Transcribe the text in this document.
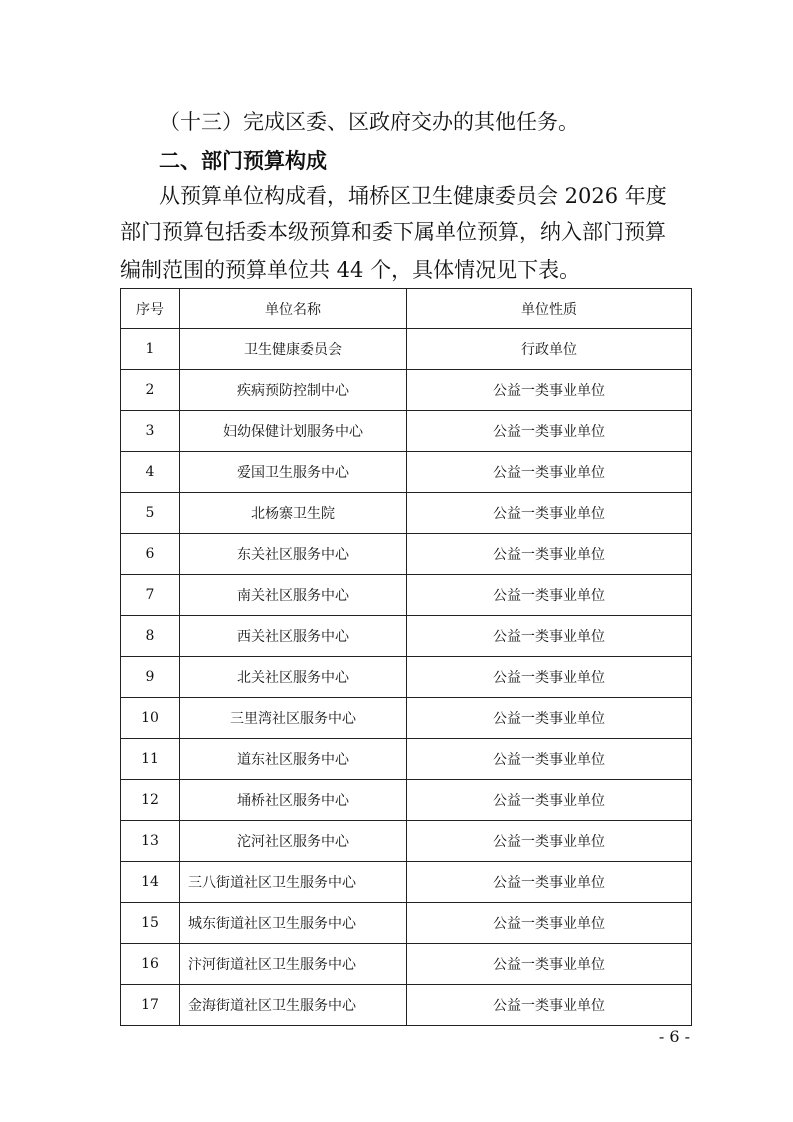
（十三）完成区委、区政府交办的其他任务。
二、部门预算构成
从预算单位构成看，埇桥区卫生健康委员会 2026 年度
部门预算包括委本级预算和委下属单位预算，纳入部门预算
编制范围的预算单位共 44 个，具体情况见下表。
序号	单位名称	单位性质
1	卫生健康委员会	行政单位
2	疾病预防控制中心	公益一类事业单位
3	妇幼保健计划服务中心	公益一类事业单位
4	爱国卫生服务中心	公益一类事业单位
5	北杨寨卫生院	公益一类事业单位
6	东关社区服务中心	公益一类事业单位
7	南关社区服务中心	公益一类事业单位
8	西关社区服务中心	公益一类事业单位
9	北关社区服务中心	公益一类事业单位
10	三里湾社区服务中心	公益一类事业单位
11	道东社区服务中心	公益一类事业单位
12	埇桥社区服务中心	公益一类事业单位
13	沱河社区服务中心	公益一类事业单位
14	三八街道社区卫生服务中心	公益一类事业单位
15	城东街道社区卫生服务中心	公益一类事业单位
16	汴河街道社区卫生服务中心	公益一类事业单位
17	金海街道社区卫生服务中心	公益一类事业单位
- 6 -
